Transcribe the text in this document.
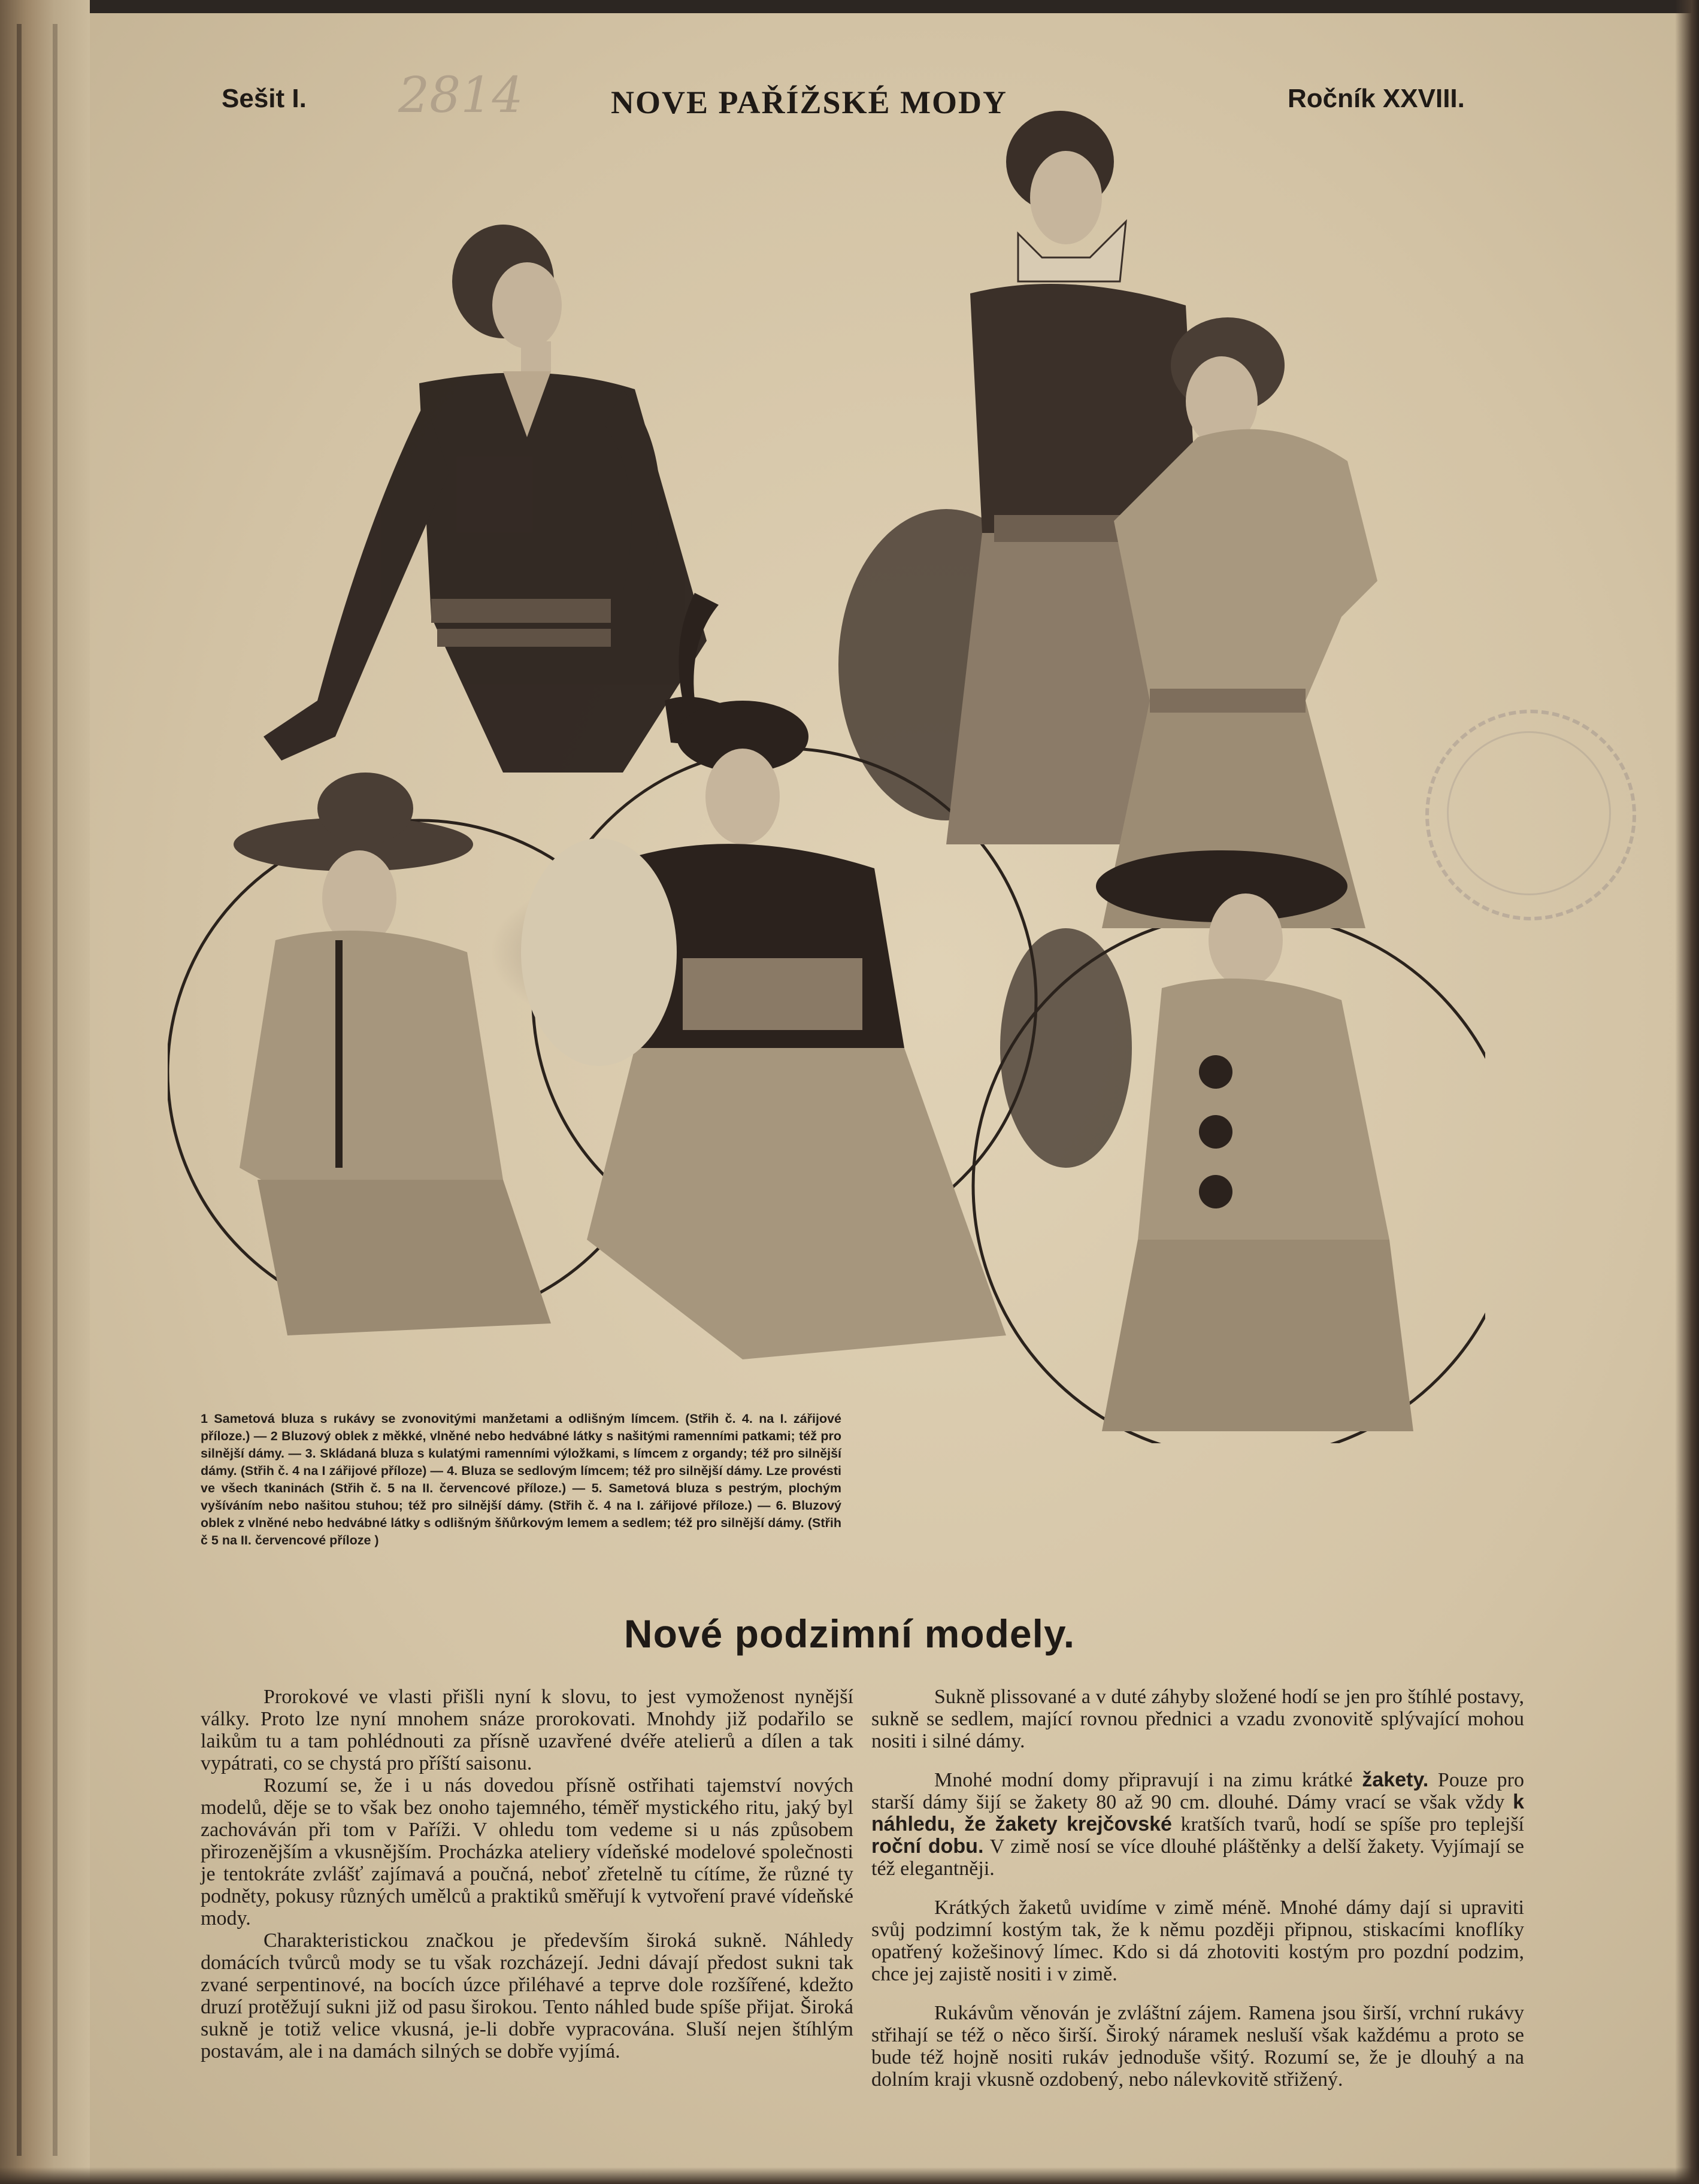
Sešit I. 2814	NOVE PAŘÍŽSKÉ MODY	Ročník XXVIII.
1 Sametová bluza s rukávy se zvonovitými manžetami a odlišným límcem. (Střih č. 4. na I. zářijové příloze.) — 2 Bluzový oblek z měkké, vlněné nebo hedvábné látky s našitými ramenními patkami; též pro silnější dámy. — 3. Skládaná bluza s kulatými ramenními výložkami, s límcem z organdy; též pro silnější dámy. (Střih č. 4 na I zářijové příloze) — 4. Bluza se sedlovým límcem; též pro silnější dámy. Lze provésti ve všech tkaninách (Střih č. 5 na II. červencové příloze.) — 5. Sametová bluza s pestrým, plochým vyšíváním nebo našitou stuhou; též pro silnější dámy. (Střih č. 4 na I. zářijové příloze.) — 6. Bluzový oblek z vlněné nebo hedvábné látky s odlišným šňůrkovým lemem a sedlem; též pro silnější dámy. (Střih č 5 na II. červencové přílоze )
Nové podzimní modely.

Prorokové ve vlasti přišli nyní k slovu, to jest vymoženost nynější války. Proto lze nyní mnohem snáze prorokovati. Mnohdy již podařilo se laikům tu a tam pohlédnouti za přísně uzavřené dvéře atelierů a dílen a tak vypátrati, co se chystá pro příští saisonu.

Rozumí se, že i u nás dovedou přísně ostřihati tajemství nových modelů, děje se to však bez onoho tajemného, téměř mystického ritu, jaký byl zachováván při tom v Paříži. V ohledu tom vedeme si u nás způsobem přirozenějším a vkusnějším. Procházka ateliery vídeňské modelové společnosti je tentokráte zvlášť zajímavá a poučná, neboť zřetelně tu cítíme, že různé ty podněty, pokusy různých umělců a praktiků směřují k vytvoření pravé vídeňské mody.

Charakteristickou značkou je především široká sukně. Náhledy domácích tvůrců mody se tu však rozcházejí. Jedni dávají předost sukni tak zvané serpentinové, na bocích úzce přiléhavé a teprve dole rozšířené, kdežto druzí protěžují sukni již od pasu širokou. Tento náhled bude spíše přijat. Široká sukně je totiž velice vkusná, je-li dobře vypracována. Sluší nejen štíhlým postavám, ale i na damách silných se dobře vyjímá.

Sukně plissované a v duté záhyby složené hodí se jen pro štíhlé postavy, sukně se sedlem, mající rovnou přednici a vzadu zvonovitě splývající mohou nositi i silné dámy.

Mnohé modní domy připravují i na zimu krátké žakety. Pouze pro starší dámy šijí se žakety 80 až 90 cm. dlouhé. Dámy vrací se však vždy k náhledu, že žakety krejčovské kratších tvarů, hodí se spíše pro teplejší roční dobu. V zimě nosí se více dlouhé pláštěnky a delší žakety. Vyjímají se též elegantněji.

Krátkých žaketů uvidíme v zimě méně. Mnohé dámy dají si upraviti svůj podzimní kostým tak, že k němu později připnou, stiskacími knoflíky opatřený kožešinový límec. Kdo si dá zhotoviti kostým pro pozdní podzim, chce jej zajistě nositi i v zimě.

Rukávům věnován je zvláštní zájem. Ramena jsou širší, vrchní rukávy střihají se též o něco širší. Široký náramek nesluší však každému a proto se bude též hojně nositi rukáv jednoduše všitý. Rozumí se, že je dlouhý a na dolním kraji vkusně ozdobený, nebo nálevkovitě střižený.
